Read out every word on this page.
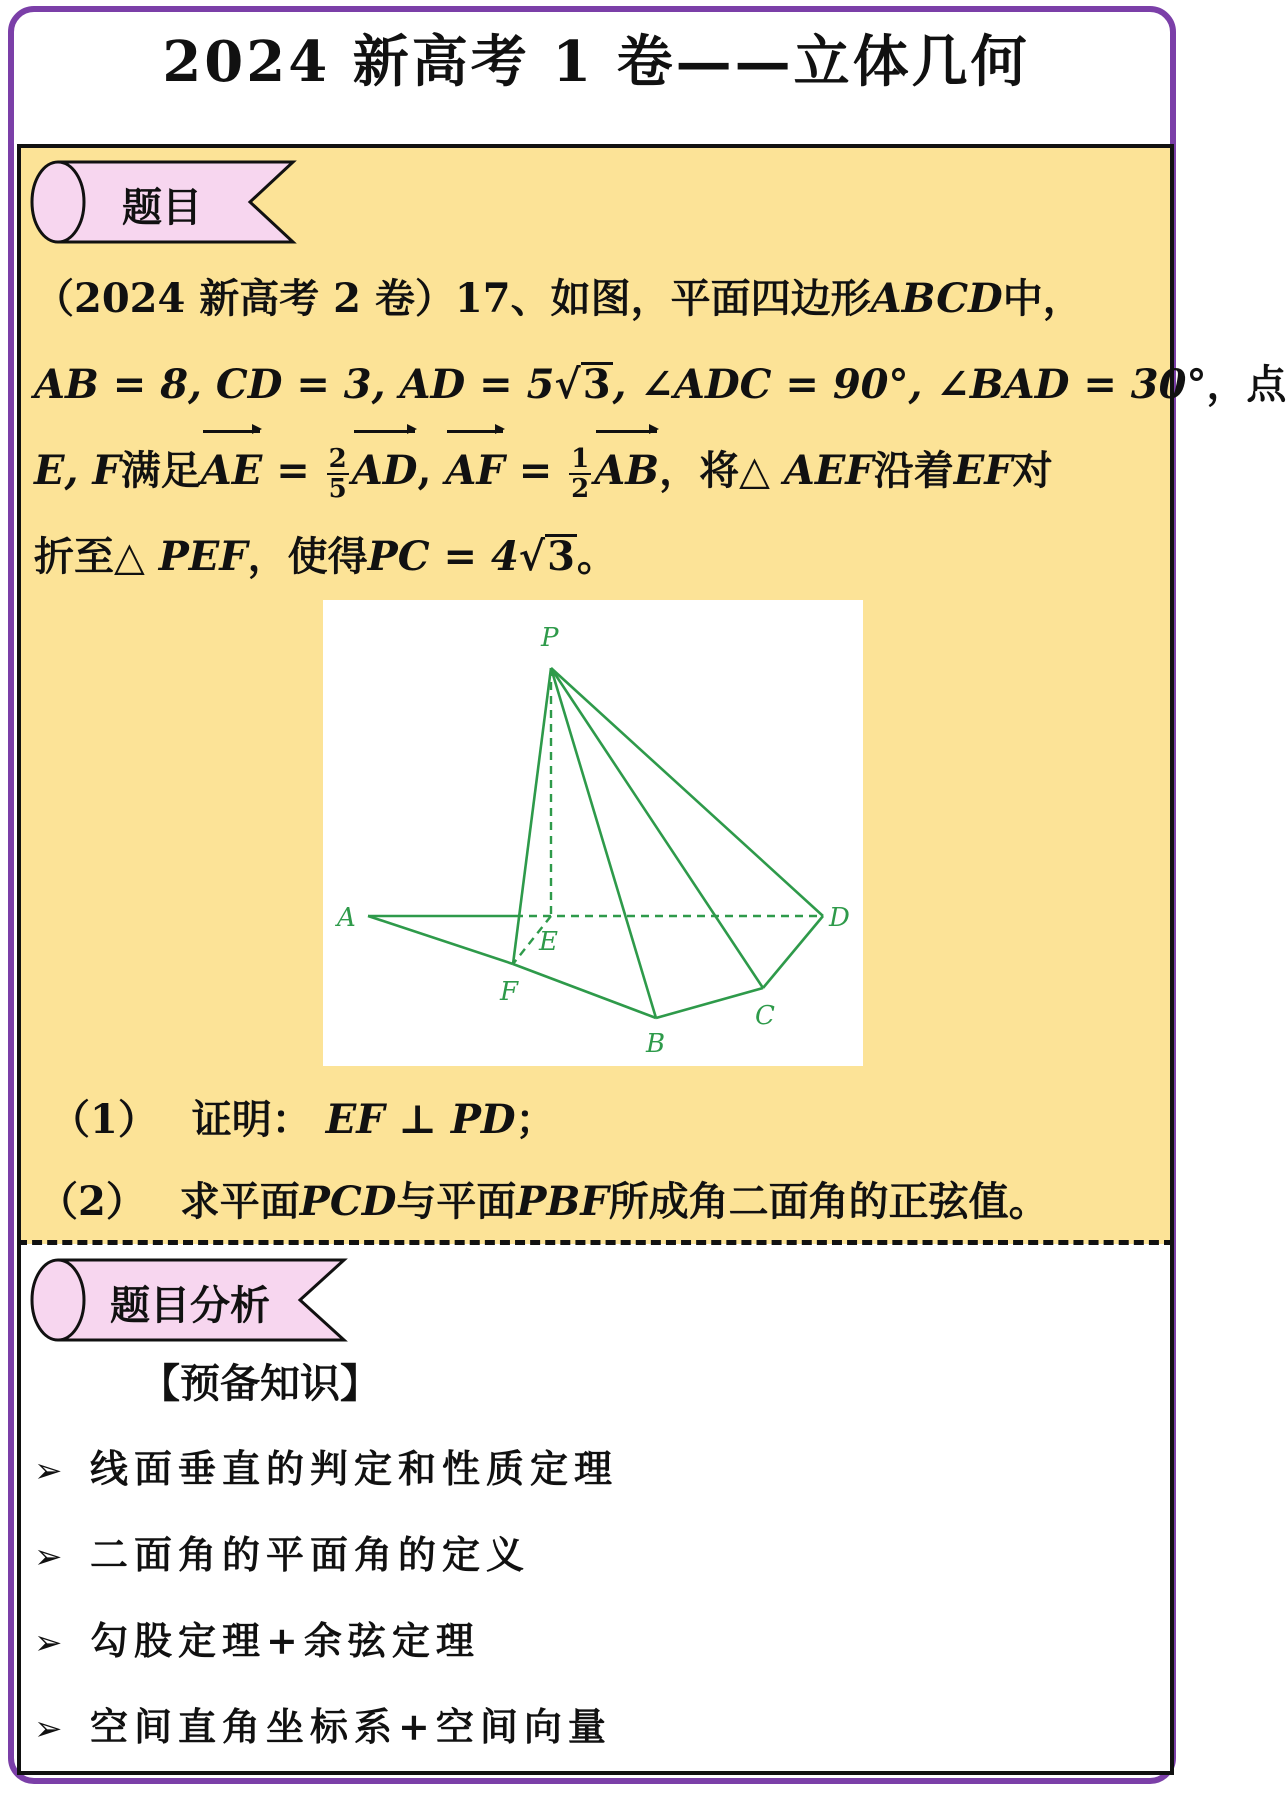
2024 新高考 1 卷——立体几何
题目
（2024 新高考 2 卷）17、如图，平面四边形ABCD中，
AB = 8, CD = 3, AD = 5√3, ∠ADC = 90°, ∠BAD = 30°，点
E, F满足AE = $\frac{2}{5}$ AD, AF = $\frac{1}{2}$ AB，将△ AEF沿着EF对
折至△ PEF，使得PC = 4√3。
P
A
E
D
F
C
B
（1） 证明： EF ⊥ PD；
（2） 求平面PCD与平面PBF所成角二面角的正弦值。
题目分析
【预备知识】
➢ 线面垂直的判定和性质定理
➢ 二面角的平面角的定义
➢ 勾股定理+余弦定理
➢ 空间直角坐标系+空间向量
